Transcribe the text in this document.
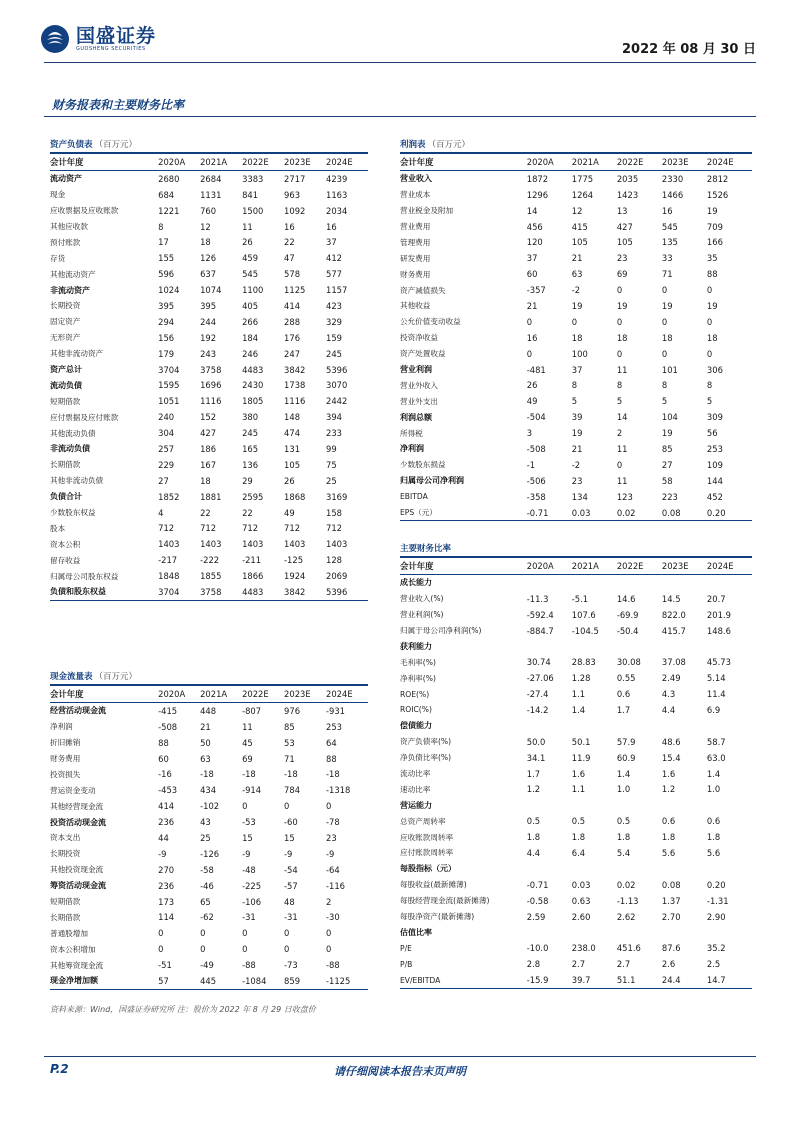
国盛证券
GUOSHENG SECURITIES	2022 年 08 月 30 日
财务报表和主要财务比率
资产负债表 （百万元）
会计年度	2020A	2021A	2022E	2023E	2024E
流动资产	2680	2684	3383	2717	4239
现金	684	1131	841	963	1163
应收票据及应收账款	1221	760	1500	1092	2034
其他应收款	8	12	11	16	16
预付账款	17	18	26	22	37
存货	155	126	459	47	412
其他流动资产	596	637	545	578	577
非流动资产	1024	1074	1100	1125	1157
长期投资	395	395	405	414	423
固定资产	294	244	266	288	329
无形资产	156	192	184	176	159
其他非流动资产	179	243	246	247	245
资产总计	3704	3758	4483	3842	5396
流动负债	1595	1696	2430	1738	3070
短期借款	1051	1116	1805	1116	2442
应付票据及应付账款	240	152	380	148	394
其他流动负债	304	427	245	474	233
非流动负债	257	186	165	131	99
长期借款	229	167	136	105	75
其他非流动负债	27	18	29	26	25
负债合计	1852	1881	2595	1868	3169
少数股东权益	4	22	22	49	158
股本	712	712	712	712	712
资本公积	1403	1403	1403	1403	1403
留存收益	-217	-222	-211	-125	128
归属母公司股东权益	1848	1855	1866	1924	2069
负债和股东权益	3704	3758	4483	3842	5396
现金流量表 （百万元）
会计年度	2020A	2021A	2022E	2023E	2024E
经营活动现金流	-415	448	-807	976	-931
净利润	-508	21	11	85	253
折旧摊销	88	50	45	53	64
财务费用	60	63	69	71	88
投资损失	-16	-18	-18	-18	-18
营运资金变动	-453	434	-914	784	-1318
其他经营现金流	414	-102	0	0	0
投资活动现金流	236	43	-53	-60	-78
资本支出	44	25	15	15	23
长期投资	-9	-126	-9	-9	-9
其他投资现金流	270	-58	-48	-54	-64
筹资活动现金流	236	-46	-225	-57	-116
短期借款	173	65	-106	48	2
长期借款	114	-62	-31	-31	-30
普通股增加	0	0	0	0	0
资本公积增加	0	0	0	0	0
其他筹资现金流	-51	-49	-88	-73	-88
现金净增加额	57	445	-1084	859	-1125
利润表 （百万元）
会计年度	2020A	2021A	2022E	2023E	2024E
营业收入	1872	1775	2035	2330	2812
营业成本	1296	1264	1423	1466	1526
营业税金及附加	14	12	13	16	19
营业费用	456	415	427	545	709
管理费用	120	105	105	135	166
研发费用	37	21	23	33	35
财务费用	60	63	69	71	88
资产减值损失	-357	-2	0	0	0
其他收益	21	19	19	19	19
公允价值变动收益	0	0	0	0	0
投资净收益	16	18	18	18	18
资产处置收益	0	100	0	0	0
营业利润	-481	37	11	101	306
营业外收入	26	8	8	8	8
营业外支出	49	5	5	5	5
利润总额	-504	39	14	104	309
所得税	3	19	2	19	56
净利润	-508	21	11	85	253
少数股东损益	-1	-2	0	27	109
归属母公司净利润	-506	23	11	58	144
EBITDA	-358	134	123	223	452
EPS（元）	-0.71	0.03	0.02	0.08	0.20
主要财务比率
会计年度	2020A	2021A	2022E	2023E	2024E
成长能力					
营业收入(%)	-11.3	-5.1	14.6	14.5	20.7
营业利润(%)	-592.4	107.6	-69.9	822.0	201.9
归属于母公司净利润(%)	-884.7	-104.5	-50.4	415.7	148.6
获利能力					
毛利率(%)	30.74	28.83	30.08	37.08	45.73
净利率(%)	-27.06	1.28	0.55	2.49	5.14
ROE(%)	-27.4	1.1	0.6	4.3	11.4
ROIC(%)	-14.2	1.4	1.7	4.4	6.9
偿债能力					
资产负债率(%)	50.0	50.1	57.9	48.6	58.7
净负债比率(%)	34.1	11.9	60.9	15.4	63.0
流动比率	1.7	1.6	1.4	1.6	1.4
速动比率	1.2	1.1	1.0	1.2	1.0
营运能力					
总资产周转率	0.5	0.5	0.5	0.6	0.6
应收账款周转率	1.8	1.8	1.8	1.8	1.8
应付账款周转率	4.4	6.4	5.4	5.6	5.6
每股指标（元）					
每股收益(最新摊薄)	-0.71	0.03	0.02	0.08	0.20
每股经营现金流(最新摊薄)	-0.58	0.63	-1.13	1.37	-1.31
每股净资产(最新摊薄)	2.59	2.60	2.62	2.70	2.90
估值比率					
P/E	-10.0	238.0	451.6	87.6	35.2
P/B	2.8	2.7	2.7	2.6	2.5
EV/EBITDA	-15.9	39.7	51.1	24.4	14.7
资料来源：Wind，国盛证券研究所 注：股价为 2022 年 8 月 29 日收盘价
P.2	请仔细阅读本报告末页声明
